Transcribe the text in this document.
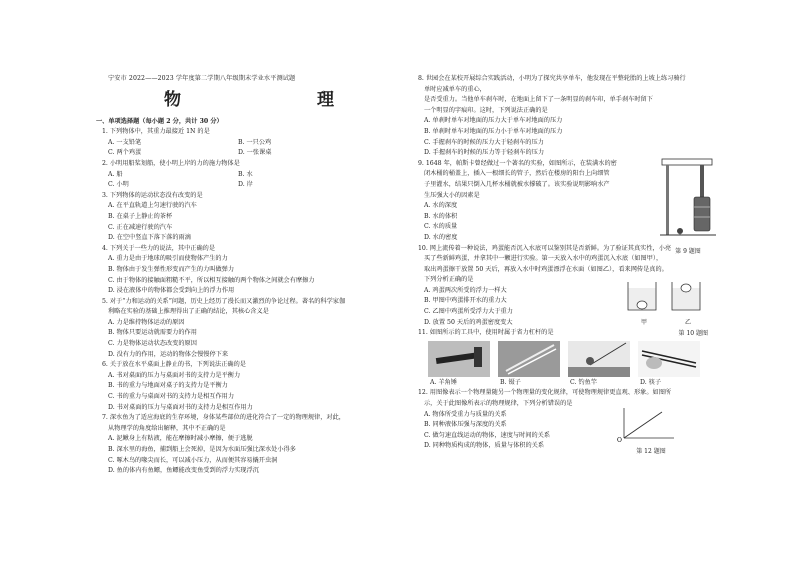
宁安市 2022——2023 学年度第二学期八年级期末学业水平测试题
物　　理
一、单项选择题（每小题 2 分，共计 30 分）
1. 下列物体中，其重力最接近 1N 的是
A. 一支铅笔	B. 一只公鸡
C. 两个鸡蛋	D. 一张课桌
2. 小明用船桨划船，使小明上岸的力的施力物体是
A. 船	B. 水
C. 小明	D. 岸
3. 下列物体的运动状态没有改变的是
A. 在平直轨道上匀速行驶的汽车
B. 在桌子上静止的茶杯
C. 正在减速行驶的汽车
D. 在空中竖直下落下落的雨滴
4. 下列关于一些力的说法，其中正确的是
A. 重力是由于地球的吸引而使物体产生的力
B. 物体由于发生弹性形变而产生的力叫做弹力
C. 由于物体的接触面粗糙不平，所以相互接触的两个物体之间就会有摩擦力
D. 浸在液体中的物体都会受到向上的浮力作用
5. 对于“力和运动的关系”问题，历史上经历了漫长而又激烈的争论过程。著名的科学家伽
利略在实验的基础上推理得出了正确的结论，其核心含义是
A. 力是维持物体运动的原因
B. 物体只要运动就需要力的作用
C. 力是物体运动状态改变的原因
D. 没有力的作用，运动的物体会慢慢停下来
6. 关于放在水平桌面上静止的书，下列说法正确的是
A. 书对桌面的压力与桌面对书的支持力是平衡力
B. 书的重力与地面对桌子的支持力是平衡力
C. 书的重力与桌面对书的支持力是相互作用力
D. 书对桌面的压力与桌面对书的支持力是相互作用力
7. 深水鱼为了适应海底的生存环境，身体某些部位的进化符合了一定的物理规律，对此，
从物理学的角度给出解释，其中不正确的是
A. 泥鳅身上有粘液，能在摩擦时减小摩擦，便于逃脱
B. 深水里的海鱼，捕到船上会死掉，是因为水面压强比深水处小得多
C. 啄木鸟的喙尖而长，可以减小压力，从而便其容易撬开虫洞
D. 鱼的体内有鱼鳔，鱼鳔能改变鱼受到的浮力实现浮沉
8. 世园会在某校开展综合实践活动，小明为了探究共享单车，他发现在平整轮胎的上坡上练习骑行
单时应减单车的重心，
是否受重力。当他单车刹车时，在地面上留下了一条明显的刹车印，单手刹车时留下
一个明显的字痕印。这时，下列说法正确的是
A. 单刹时单车对地面的压力大于单车对地面的压力
B. 单刹时单车对地面的压力小于单车对地面的压力
C. 手握刹车的时候的压力大于轻刹车的压力
D. 手握刹车的时候的压力等于轻刹车的压力
9. 1648 年，帕斯卡曾经做过一个著名的实验，如图所示，在装满水的密
闭木桶的桶盖上，插入一根细长的管子，然后在楼房的阳台上向细管
子里灌水，结果只倒入几杯水桶就被水撑破了。该实验说明影响水产
生压强大小的因素是
A. 水的深度
B. 水的体积
C. 水的质量
D. 水的密度
第 9 题图
10. 网上流传着一种说法，鸡蛋能否沉入水底可以鉴别其是否新鲜。为了验证其真实性，小亮
买了些新鲜鸡蛋，并拿其中一颗进行实验。第一天放入水中的鸡蛋沉入水底（如图甲），
取出鸡蛋擦干放置 50 天后，再放入水中时鸡蛋漂浮在水面（如图乙），看来网传是真的。
下列分析正确的是
A. 鸡蛋两次所受的浮力一样大
B. 甲图中鸡蛋排开水的重力大
C. 乙图中鸡蛋所受浮力大于重力
D. 放置 50 天后的鸡蛋密度变大	甲	乙
第 10 题图
11. 如图所示的工具中，使用时属于省力杠杆的是
A. 羊角锤	B. 镊子	C. 钓鱼竿	D. 筷子
12. 用图像表示一个物理量随另一个物理量的变化规律，可使物理规律更直观、形象。如图所
示，关于此图像所表示的物理规律，下列分析错误的是
A. 物体所受重力与质量的关系
B. 同种液体压强与深度的关系
C. 做匀速直线运动的物体，速度与时间的关系
D. 同种物质构成的物体，质量与体积的关系
O
第 12 题图
